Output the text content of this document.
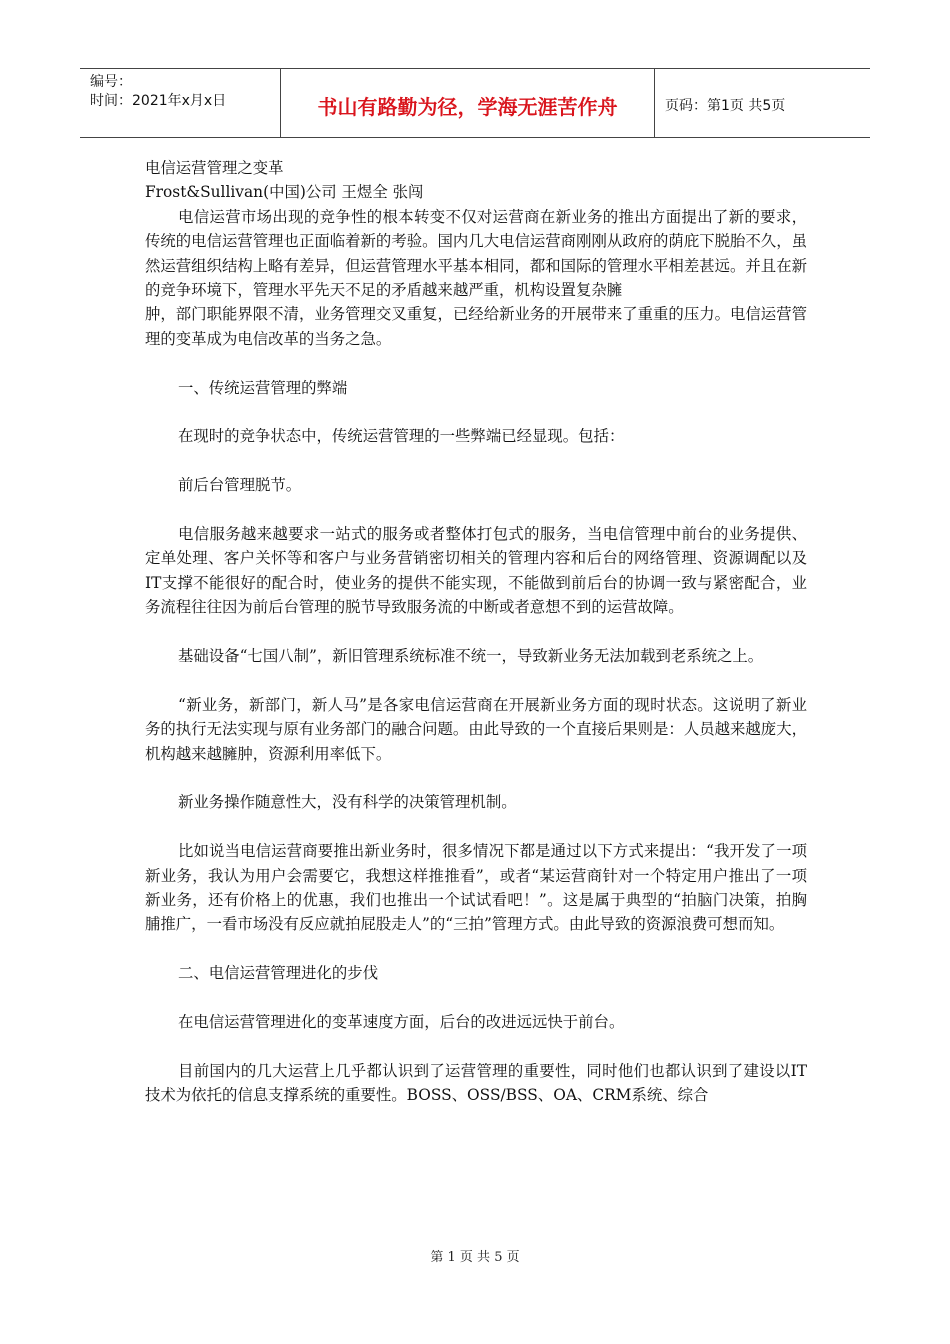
编号：
时间：2021年x月x日	书山有路勤为径，学海无涯苦作舟	页码：第1页 共5页

电信运营管理之变革

Frost&Sullivan(中国)公司 王煜全 张闯

电信运营市场出现的竞争性的根本转变不仅对运营商在新业务的推出方面提出了新的要求，传统的电信运营管理也正面临着新的考验。国内几大电信运营商刚刚从政府的荫庇下脱胎不久，虽然运营组织结构上略有差异，但运营管理水平基本相同，都和国际的管理水平相差甚远。并且在新的竞争环境下，管理水平先天不足的矛盾越来越严重，机构设置复杂臃

肿，部门职能界限不清，业务管理交叉重复，已经给新业务的开展带来了重重的压力。电信运营管理的变革成为电信改革的当务之急。

一、传统运营管理的弊端

在现时的竞争状态中，传统运营管理的一些弊端已经显现。包括：

前后台管理脱节。

电信服务越来越要求一站式的服务或者整体打包式的服务，当电信管理中前台的业务提供、定单处理、客户关怀等和客户与业务营销密切相关的管理内容和后台的网络管理、资源调配以及IT支撑不能很好的配合时，使业务的提供不能实现，不能做到前后台的协调一致与紧密配合，业务流程往往因为前后台管理的脱节导致服务流的中断或者意想不到的运营故障。

基础设备“七国八制”，新旧管理系统标准不统一，导致新业务无法加载到老系统之上。

“新业务，新部门，新人马”是各家电信运营商在开展新业务方面的现时状态。这说明了新业务的执行无法实现与原有业务部门的融合问题。由此导致的一个直接后果则是：人员越来越庞大，机构越来越臃肿，资源利用率低下。

新业务操作随意性大，没有科学的决策管理机制。

比如说当电信运营商要推出新业务时，很多情况下都是通过以下方式来提出：“我开发了一项新业务，我认为用户会需要它，我想这样推推看”，或者“某运营商针对一个特定用户推出了一项新业务，还有价格上的优惠，我们也推出一个试试看吧！”。这是属于典型的“拍脑门决策，拍胸脯推广，一看市场没有反应就拍屁股走人”的“三拍”管理方式。由此导致的资源浪费可想而知。

二、电信运营管理进化的步伐

在电信运营管理进化的变革速度方面，后台的改进远远快于前台。

目前国内的几大运营上几乎都认识到了运营管理的重要性，同时他们也都认识到了建设以IT技术为依托的信息支撑系统的重要性。BOSS、OSS/BSS、OA、CRM系统、综合

第 1 页 共 5 页
